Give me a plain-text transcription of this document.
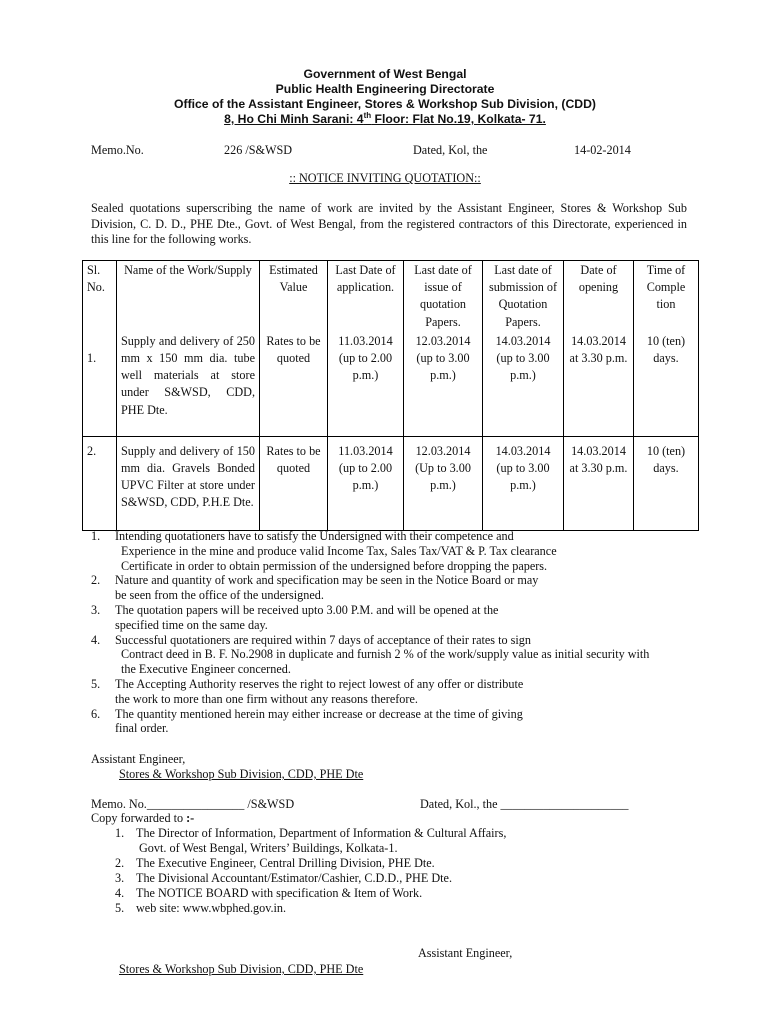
Government of West Bengal
Public Health Engineering Directorate
Office of the Assistant Engineer, Stores & Workshop Sub Division, (CDD)
8, Ho Chi Minh Sarani: 4th Floor: Flat No.19, Kolkata- 71.
Memo.No.	226 /S&WSD	Dated, Kol, the	14-02-2014
:: NOTICE INVITING QUOTATION::
Sealed quotations superscribing the name of work are invited by the Assistant Engineer, Stores & Workshop Sub Division, C. D. D., PHE Dte., Govt. of West Bengal, from the registered contractors of this Directorate, experienced in this line for the following works.
Sl. No.	Name of the Work/Supply	Estimated Value	Last Date of application.	Last date of issue of quotation Papers.	Last date of submission of Quotation Papers.	Date of opening	Time of Comple tion
1.	Supply and delivery of 250 mm x 150 mm dia. tube well materials at store under S&WSD, CDD, PHE Dte.	Rates to be quoted	11.03.2014 (up to 2.00 p.m.)	12.03.2014 (up to 3.00 p.m.)	14.03.2014 (up to 3.00 p.m.)	14.03.2014 at 3.30 p.m.	10 (ten) days.
2.	Supply and delivery of 150 mm dia. Gravels Bonded UPVC Filter at store under S&WSD, CDD, P.H.E Dte.	Rates to be quoted	11.03.2014 (up to 2.00 p.m.)	12.03.2014 (Up to 3.00 p.m.)	14.03.2014 (up to 3.00 p.m.)	14.03.2014 at 3.30 p.m.	10 (ten) days.
1. Intending quotationers have to satisfy the Undersigned with their competence and
Experience in the mine and produce valid Income Tax, Sales Tax/VAT & P. Tax clearance
Certificate in order to obtain permission of the undersigned before dropping the papers.
2. Nature and quantity of work and specification may be seen in the Notice Board or may
be seen from the office of the undersigned.
3. The quotation papers will be received upto 3.00 P.M. and will be opened at the
specified time on the same day.
4. Successful quotationers are required within 7 days of acceptance of their rates to sign
Contract deed in B. F. No.2908 in duplicate and furnish 2 % of the work/supply value as initial security with
the Executive Engineer concerned.
5. The Accepting Authority reserves the right to reject lowest of any offer or distribute
the work to more than one firm without any reasons therefore.
6. The quantity mentioned herein may either increase or decrease at the time of giving
final order.
Assistant Engineer,
Stores & Workshop Sub Division, CDD, PHE Dte
Memo. No.________________ /S&WSD	Dated, Kol., the _____________________
Copy forwarded to :-
1. The Director of Information, Department of Information & Cultural Affairs,
Govt. of West Bengal, Writers’ Buildings, Kolkata-1.
2. The Executive Engineer, Central Drilling Division, PHE Dte.
3. The Divisional Accountant/Estimator/Cashier, C.D.D., PHE Dte.
4. The NOTICE BOARD with specification & Item of Work.
5. web site: www.wbphed.gov.in.
Assistant Engineer,
Stores & Workshop Sub Division, CDD, PHE Dte
